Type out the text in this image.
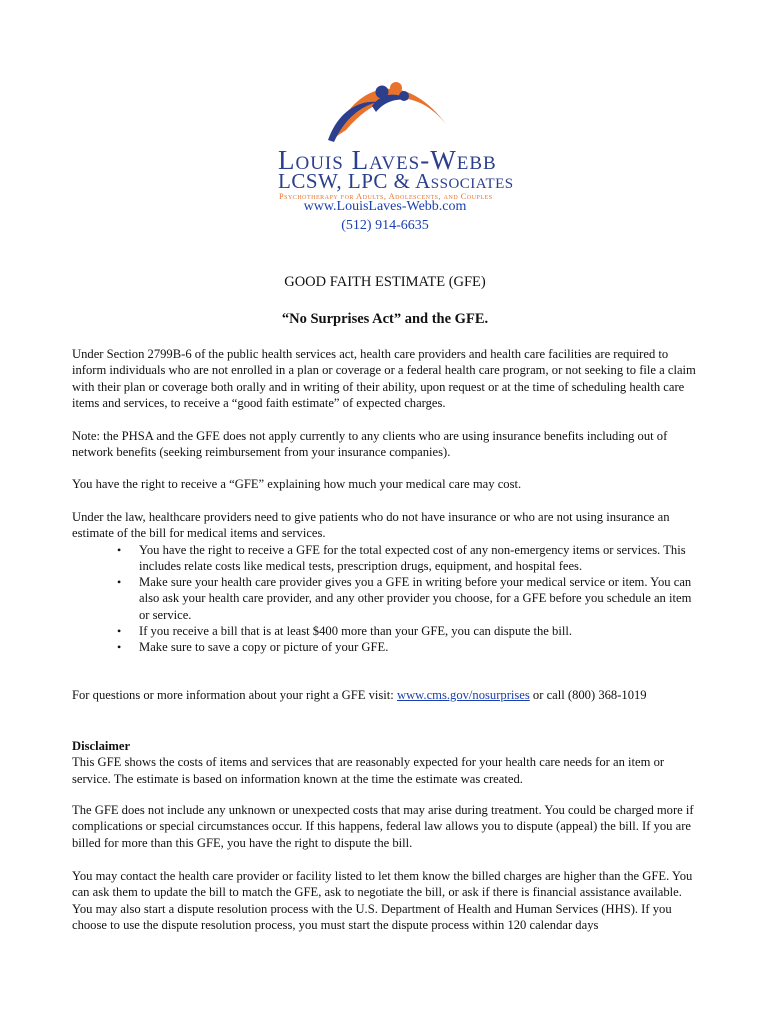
Louis Laves-Webb
LCSW, LPC & Associates
Psychotherapy for Adults, Adolescents, and Couples
www.LouisLaves-Webb.com
(512) 914-6635
GOOD FAITH ESTIMATE (GFE)
“No Surprises Act” and the GFE.

Under Section 2799B-6 of the public health services act, health care providers and health care facilities are required to inform individuals who are not enrolled in a plan or coverage or a federal health care program, or not seeking to file a claim with their plan or coverage both orally and in writing of their ability, upon request or at the time of scheduling health care items and services, to receive a “good faith estimate” of expected charges.

Note: the PHSA and the GFE does not apply currently to any clients who are using insurance benefits including out of network benefits (seeking reimbursement from your insurance companies).

You have the right to receive a “GFE” explaining how much your medical care may cost.

Under the law, healthcare providers need to give patients who do not have insurance or who are not using insurance an estimate of the bill for medical items and services.

• You have the right to receive a GFE for the total expected cost of any non-emergency items or services. This includes relate costs like medical tests, prescription drugs, equipment, and hospital fees.
• Make sure your health care provider gives you a GFE in writing before your medical service or item. You can also ask your health care provider, and any other provider you choose, for a GFE before you schedule an item or service.
• If you receive a bill that is at least $400 more than your GFE, you can dispute the bill.
• Make sure to save a copy or picture of your GFE.

For questions or more information about your right a GFE visit: www.cms.gov/nosurprises or call (800) 368-1019

Disclaimer

This GFE shows the costs of items and services that are reasonably expected for your health care needs for an item or service. The estimate is based on information known at the time the estimate was created.

The GFE does not include any unknown or unexpected costs that may arise during treatment. You could be charged more if complications or special circumstances occur. If this happens, federal law allows you to dispute (appeal) the bill. If you are billed for more than this GFE, you have the right to dispute the bill.

You may contact the health care provider or facility listed to let them know the billed charges are higher than the GFE. You can ask them to update the bill to match the GFE, ask to negotiate the bill, or ask if there is financial assistance available.

You may also start a dispute resolution process with the U.S. Department of Health and Human Services (HHS). If you choose to use the dispute resolution process, you must start the dispute process within 120 calendar days
